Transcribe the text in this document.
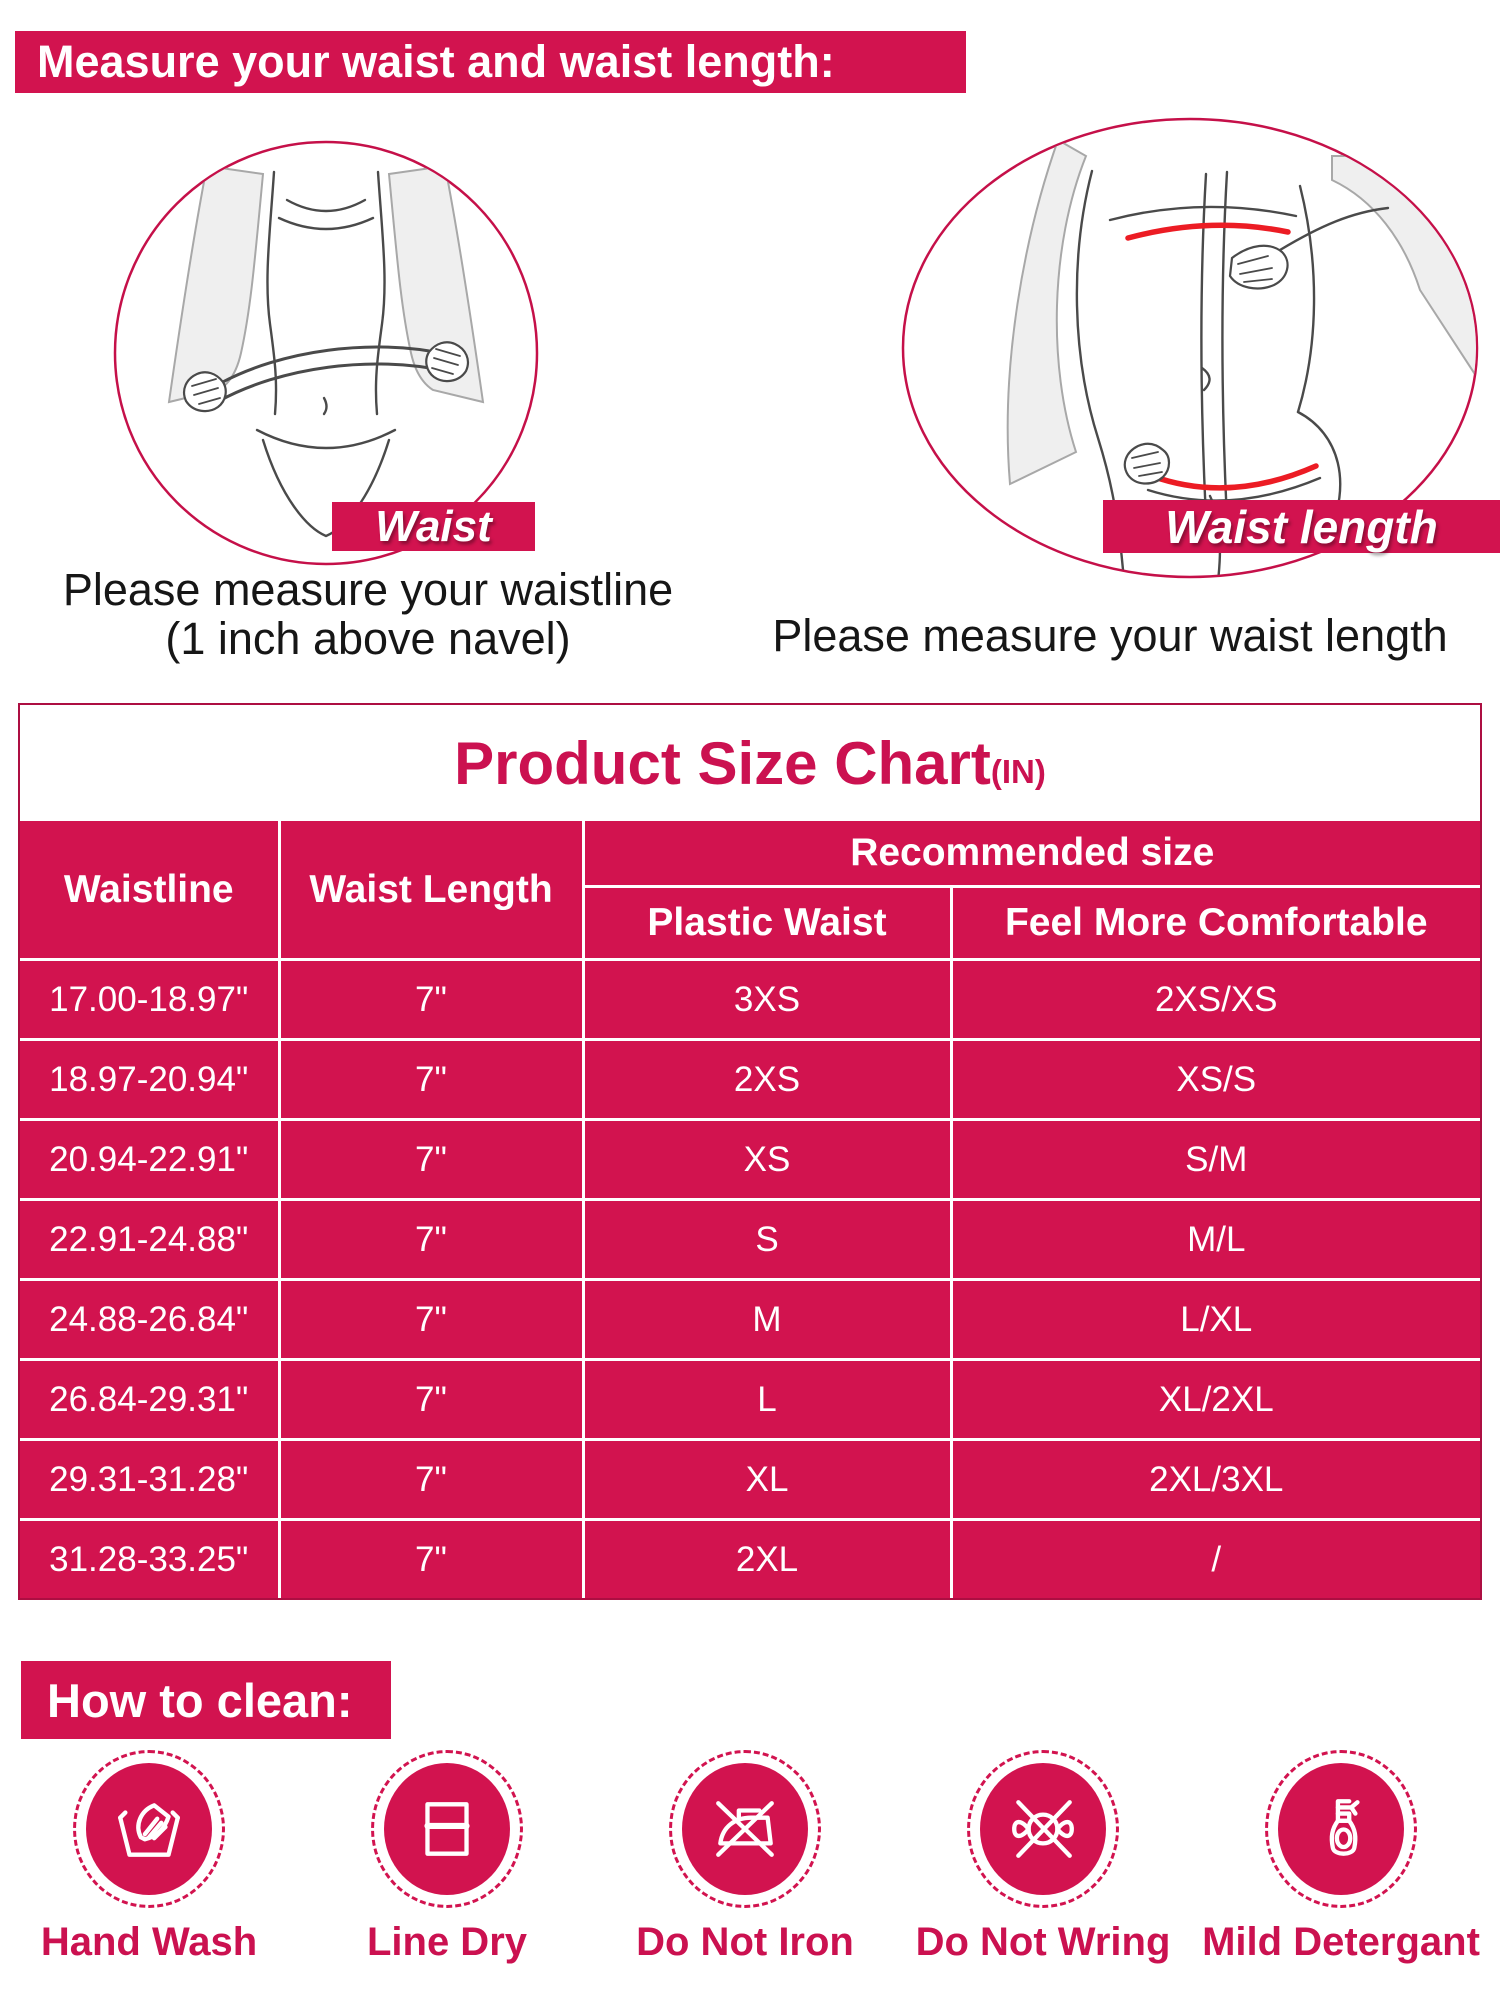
Measure your waist and waist length:
Waist	Waist length
Please measure your waistline
(1 inch above navel)	Please measure your waist length
Product Size Chart (IN)
Waistline	Waist Length	Recommended size	
		Plastic Waist	Feel More Comfortable
17.00-18.97"	7"	3XS	2XS/XS
18.97-20.94"	7"	2XS	XS/S
20.94-22.91"	7"	XS	S/M
22.91-24.88"	7"	S	M/L
24.88-26.84"	7"	M	L/XL
26.84-29.31"	7"	L	XL/2XL
29.31-31.28"	7"	XL	2XL/3XL
31.28-33.25"	7"	2XL	/
How to clean:
Hand Wash	Line Dry	Do Not Iron Do Not Wring Mild Detergant
